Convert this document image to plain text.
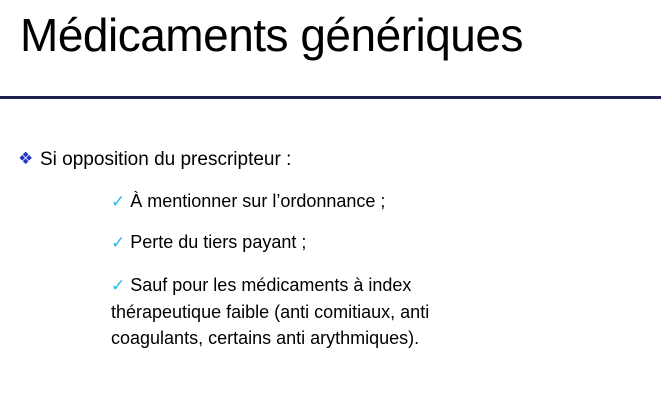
Médicaments génériques
❖ Si opposition du prescripteur :
✓ À mentionner sur l’ordonnance ;
✓ Perte du tiers payant ;
✓ Sauf pour les médicaments à index
thérapeutique faible (anti comitiaux, anti
coagulants, certains anti arythmiques).
